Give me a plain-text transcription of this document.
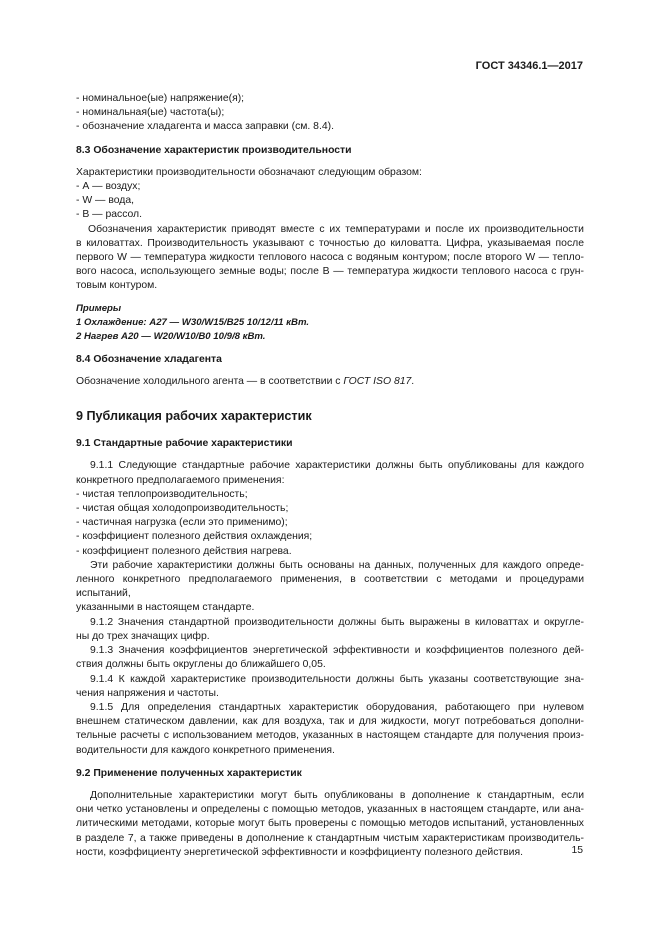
ГОСТ 34346.1—2017
- номинальное(ые) напряжение(я);
- номинальная(ые) частота(ы);
- обозначение хладагента и масса заправки (см. 8.4).
8.3 Обозначение характеристик производительности
Характеристики производительности обозначают следующим образом:
- А — воздух;
- W — вода,
- В — рассол.
Обозначения характеристик приводят вместе с их температурами и после их производительности
в киловаттах. Производительность указывают с точностью до киловатта. Цифра, указываемая после
первого W — температура жидкости теплового насоса с водяным контуром; после второго W — тепло-
вого насоса, использующего земные воды; после В — температура жидкости теплового насоса с грун-
товым контуром.
Примеры
1 Охлаждение: А27 — W30/W15/B25 10/12/11 кВт.
2 Нагрев А20 — W20/W10/B0 10/9/8 кВт.
8.4 Обозначение хладагента
Обозначение холодильного агента — в соответствии с ГОСТ ISO 817.
9 Публикация рабочих характеристик
9.1 Стандартные рабочие характеристики
9.1.1 Следующие стандартные рабочие характеристики должны быть опубликованы для каждого
конкретного предполагаемого применения:
- чистая теплопроизводительность;
- чистая общая холодопроизводительность;
- частичная нагрузка (если это применимо);
- коэффициент полезного действия охлаждения;
- коэффициент полезного действия нагрева.
Эти рабочие характеристики должны быть основаны на данных, полученных для каждого опреде-
ленного конкретного предполагаемого применения, в соответствии с методами и процедурами испытаний,
указанными в настоящем стандарте.
9.1.2 Значения стандартной производительности должны быть выражены в киловаттах и округле-
ны до трех значащих цифр.
9.1.3 Значения коэффициентов энергетической эффективности и коэффициентов полезного дей-
ствия должны быть округлены до ближайшего 0,05.
9.1.4 К каждой характеристике производительности должны быть указаны соответствующие зна-
чения напряжения и частоты.
9.1.5 Для определения стандартных характеристик оборудования, работающего при нулевом
внешнем статическом давлении, как для воздуха, так и для жидкости, могут потребоваться дополни-
тельные расчеты с использованием методов, указанных в настоящем стандарте для получения произ-
водительности для каждого конкретного применения.
9.2 Применение полученных характеристик
Дополнительные характеристики могут быть опубликованы в дополнение к стандартным, если
они четко установлены и определены с помощью методов, указанных в настоящем стандарте, или ана-
литическими методами, которые могут быть проверены с помощью методов испытаний, установленных
в разделе 7, а также приведены в дополнение к стандартным чистым характеристикам производитель-
ности, коэффициенту энергетической эффективности и коэффициенту полезного действия.	15
